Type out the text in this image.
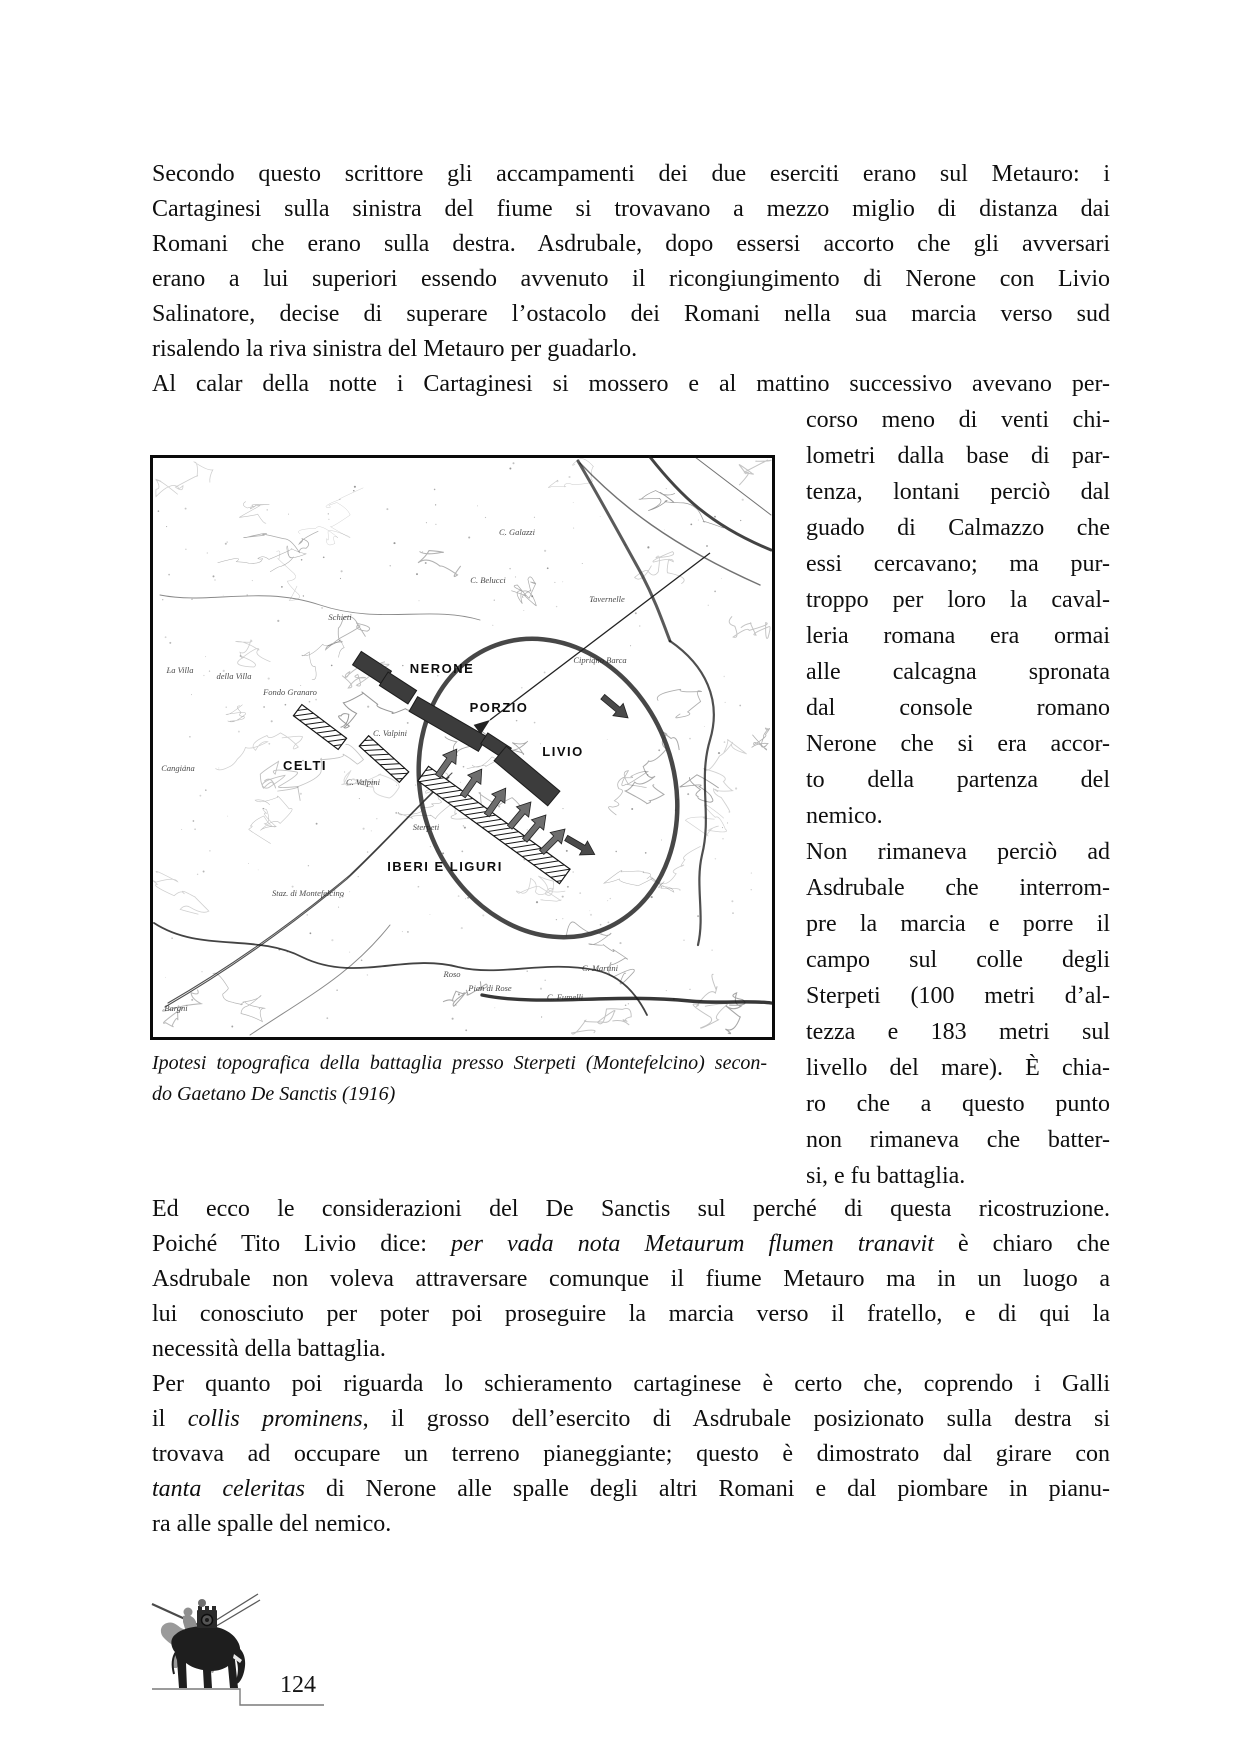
Secondo questo scrittore gli accampamenti dei due eserciti erano sul Metauro: i
Cartaginesi sulla sinistra del fiume si trovavano a mezzo miglio di distanza dai
Romani che erano sulla destra. Asdrubale, dopo essersi accorto che gli avversari
erano a lui superiori essendo avvenuto il ricongiungimento di Nerone con Livio
Salinatore, decise di superare l’ostacolo dei Romani nella sua marcia verso sud
risalendo la riva sinistra del Metauro per guadarlo.
Al calar della notte i Cartaginesi si mossero e al mattino successivo avevano per-
Tavernelle
Cipriano Barca
C. Galazzi
C. Belucci
Schieti
della Villa
Fondo Granaro
C. Valpini
C. Valpini
Sterpeti
Staz. di Montefelcino
Pian di Rose
Roso
C. Fumelli
C. Martini
La Villa
Cangiana
Bargni
NERONE
PORZIO
LIVIO
CELTI
IBERI E LIGURI
corso meno di venti chi-
lometri dalla base di par-
tenza, lontani perciò dal
guado di Calmazzo che
essi cercavano; ma pur-
troppo per loro la caval-
leria romana era ormai
alle calcagna spronata
dal console romano
Nerone che si era accor-
to della partenza del
nemico.
Non rimaneva perciò ad
Asdrubale che interrom-
pre la marcia e porre il
campo sul colle degli
Sterpeti (100 metri d’al-
tezza e 183 metri sul
livello del mare). È chia-
ro che a questo punto
non rimaneva che batter-
si, e fu battaglia.
Ipotesi topografica della battaglia presso Sterpeti (Montefelcino) secon-
do Gaetano De Sanctis (1916)
Ed ecco le considerazioni del De Sanctis sul perché di questa ricostruzione.
Poiché Tito Livio dice: per vada nota Metaurum flumen tranavit è chiaro che
Asdrubale non voleva attraversare comunque il fiume Metauro ma in un luogo a
lui conosciuto per poter poi proseguire la marcia verso il fratello, e di qui la
necessità della battaglia.
Per quanto poi riguarda lo schieramento cartaginese è certo che, coprendo i Galli
il collis prominens, il grosso dell’esercito di Asdrubale posizionato sulla destra si
trovava ad occupare un terreno pianeggiante; questo è dimostrato dal girare con
tanta celeritas di Nerone alle spalle degli altri Romani e dal piombare in pianu-
ra alle spalle del nemico.
124
